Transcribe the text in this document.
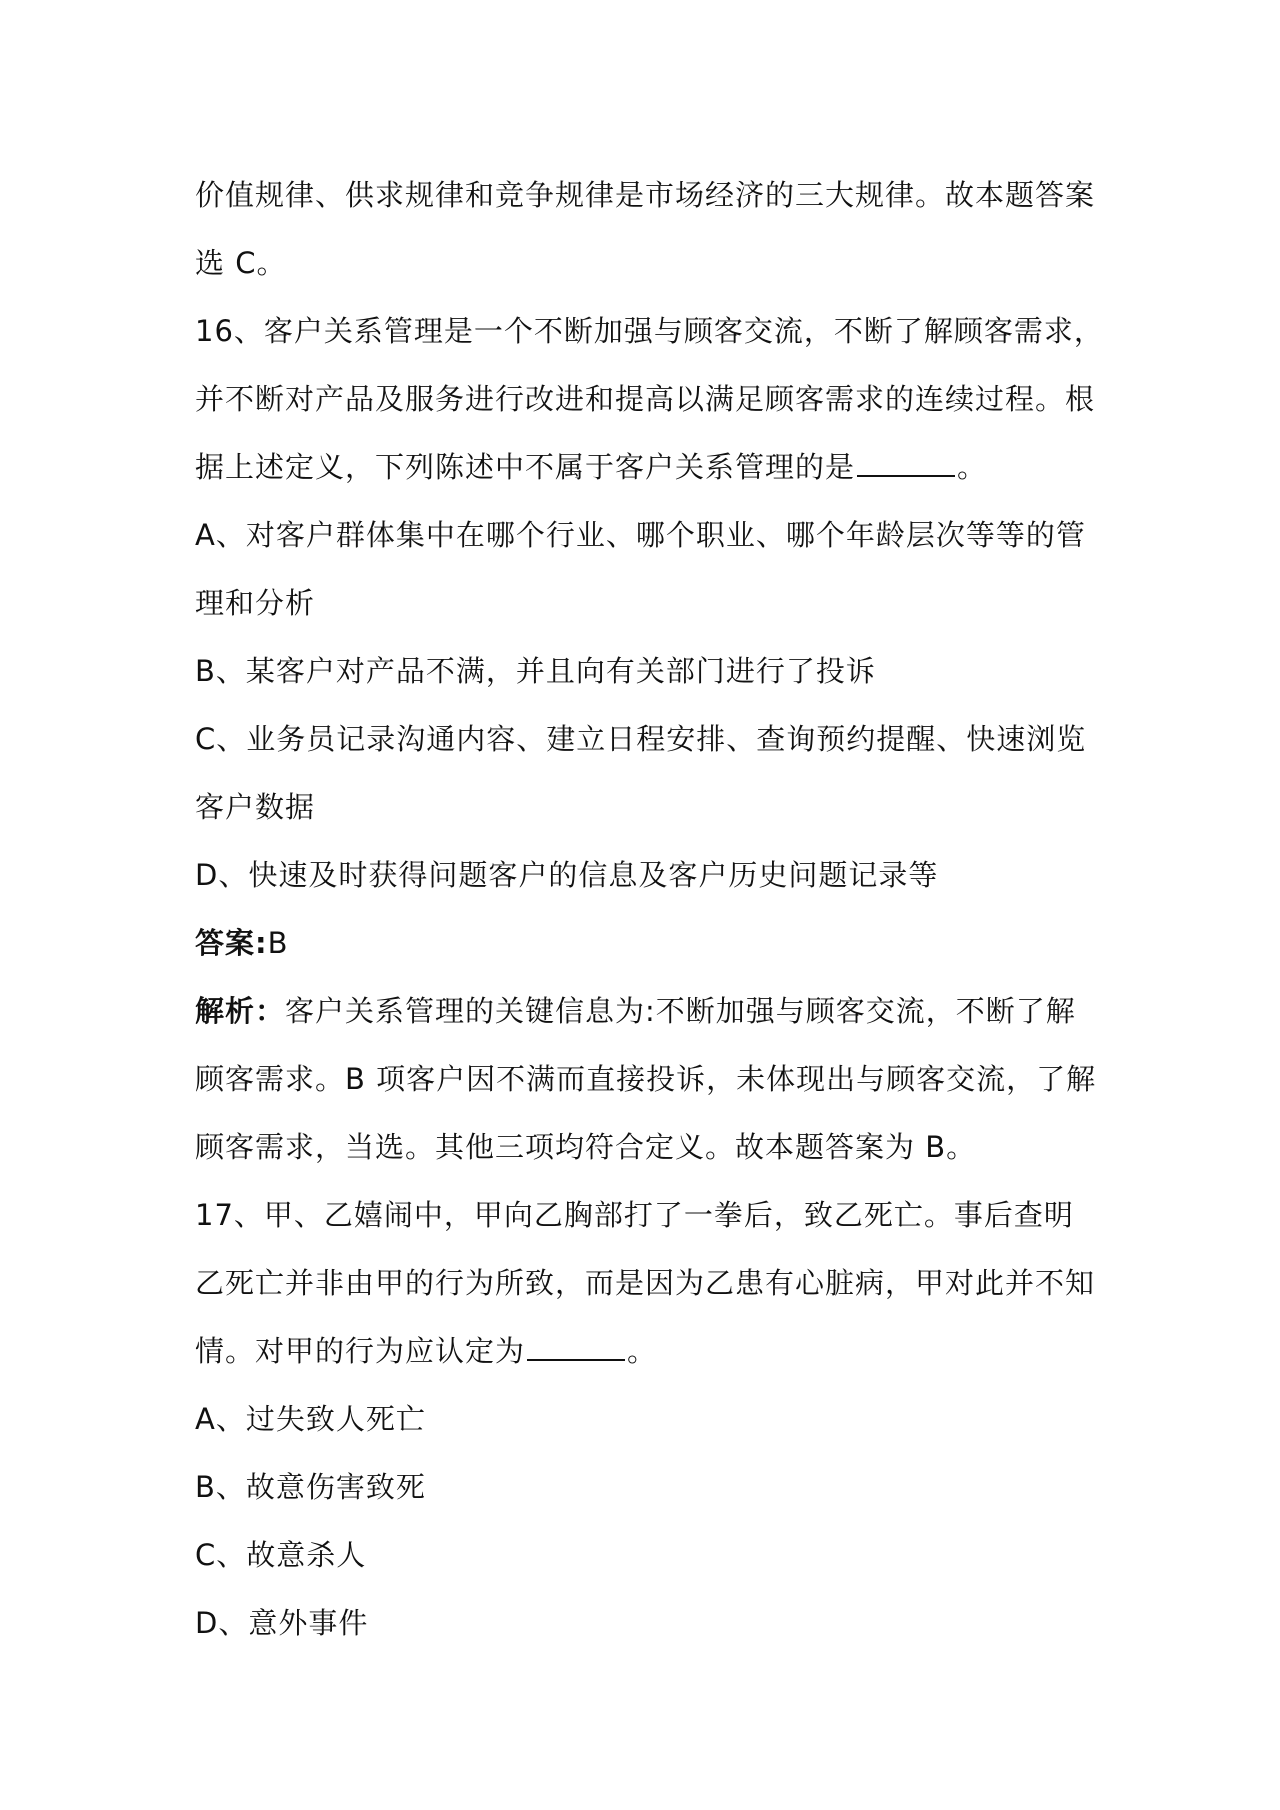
价值规律、供求规律和竞争规律是市场经济的三大规律。故本题答案
选 C。
16、客户关系管理是一个不断加强与顾客交流，不断了解顾客需求，
并不断对产品及服务进行改进和提高以满足顾客需求的连续过程。根
据上述定义，下列陈述中不属于客户关系管理的是	。
A、对客户群体集中在哪个行业、哪个职业、哪个年龄层次等等的管
理和分析
B、某客户对产品不满，并且向有关部门进行了投诉
C、业务员记录沟通内容、建立日程安排、查询预约提醒、快速浏览
客户数据
D、快速及时获得问题客户的信息及客户历史问题记录等
答案:B
解析：客户关系管理的关键信息为:不断加强与顾客交流，不断了解
顾客需求。B 项客户因不满而直接投诉，未体现出与顾客交流，了解
顾客需求，当选。其他三项均符合定义。故本题答案为 B。
17、甲、乙嬉闹中，甲向乙胸部打了一拳后，致乙死亡。事后查明
乙死亡并非由甲的行为所致，而是因为乙患有心脏病，甲对此并不知
情。对甲的行为应认定为	。
A、过失致人死亡
B、故意伤害致死
C、故意杀人
D、意外事件
